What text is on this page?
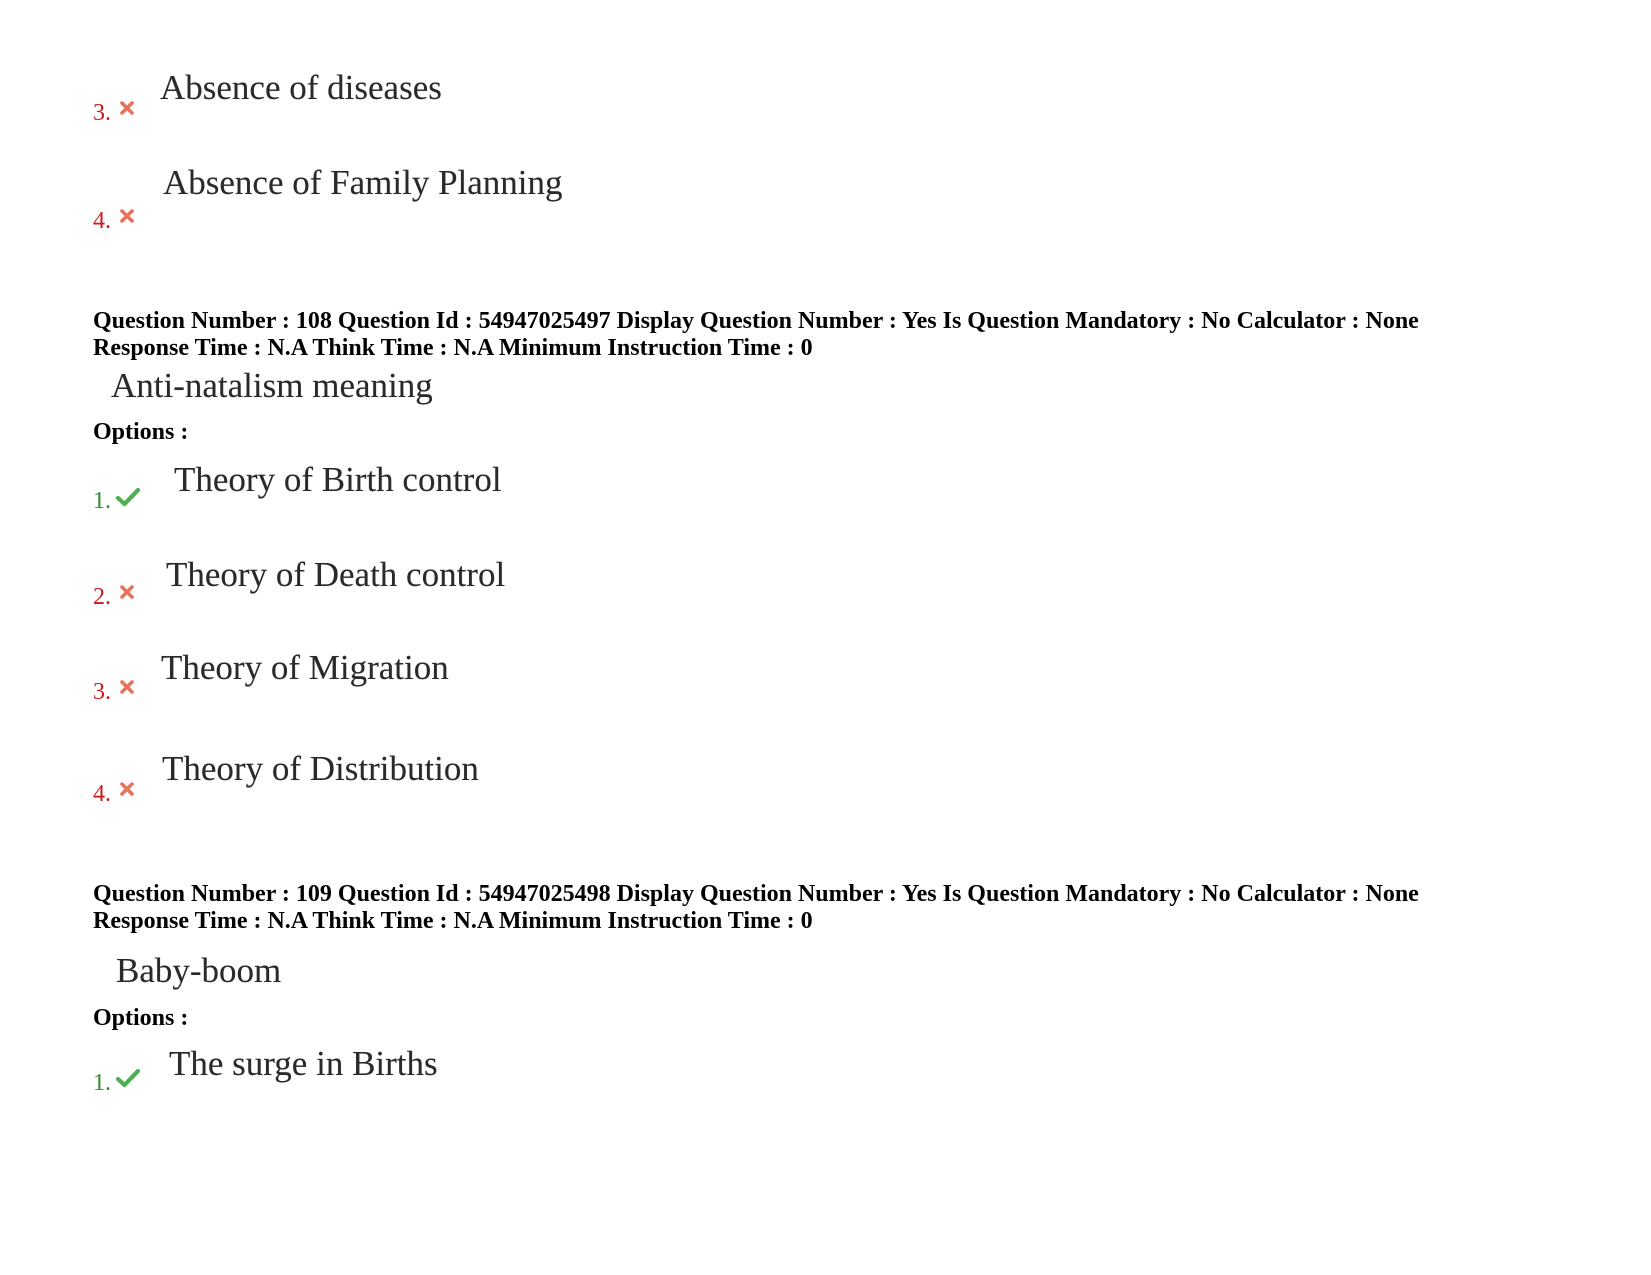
3.
Absence of diseases
4.
Absence of Family Planning
Question Number : 108 Question Id : 54947025497 Display Question Number : Yes Is Question Mandatory : No Calculator : None
Response Time : N.A Think Time : N.A Minimum Instruction Time : 0
Anti-natalism meaning
Options :
1.
Theory of Birth control
2.
Theory of Death control
3.
Theory of Migration
4.
Theory of Distribution
Question Number : 109 Question Id : 54947025498 Display Question Number : Yes Is Question Mandatory : No Calculator : None
Response Time : N.A Think Time : N.A Minimum Instruction Time : 0
Baby-boom
Options :
1. The surge in Births
